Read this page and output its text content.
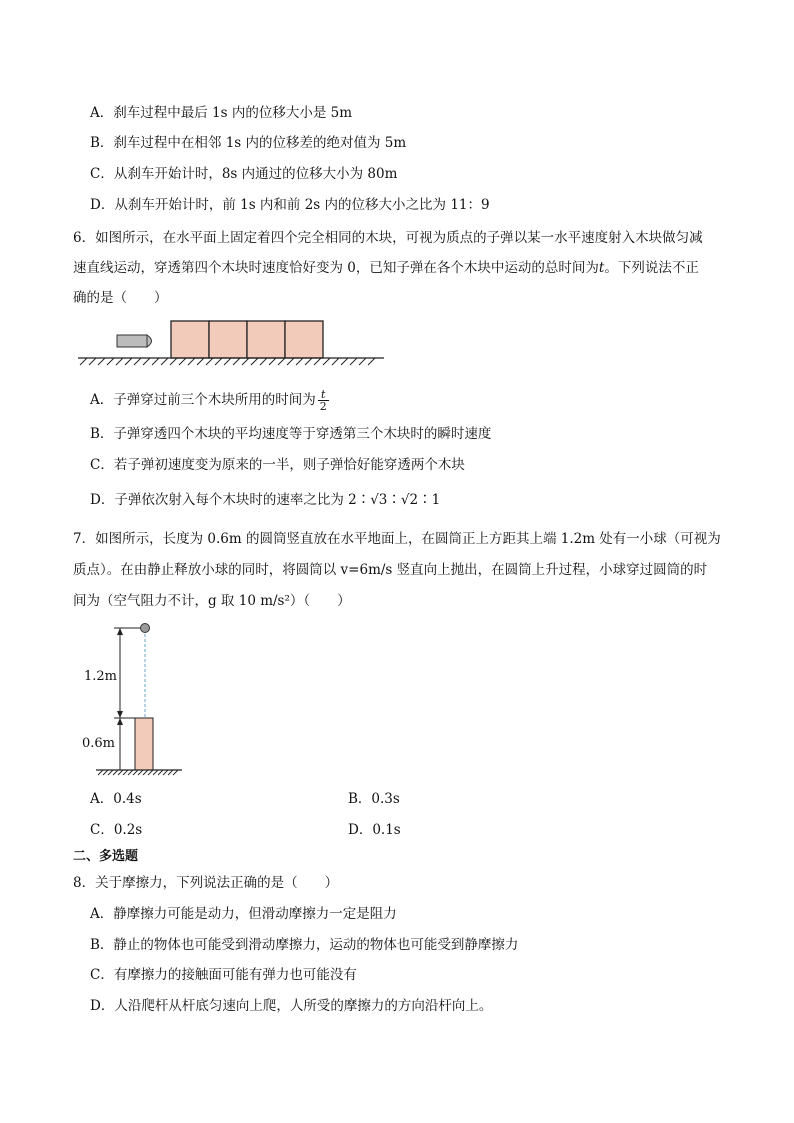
A．刹车过程中最后 1s 内的位移大小是 5m
B．刹车过程中在相邻 1s 内的位移差的绝对值为 5m
C．从刹车开始计时，8s 内通过的位移大小为 80m
D．从刹车开始计时，前 1s 内和前 2s 内的位移大小之比为 11：9
6．如图所示，在水平面上固定着四个完全相同的木块，可视为质点的子弹以某一水平速度射入木块做匀减
速直线运动，穿透第四个木块时速度恰好变为 0，已知子弹在各个木块中运动的总时间为t。下列说法不正
确的是（　　）
A．子弹穿过前三个木块所用的时间为 $\frac{t}{2}$
B．子弹穿透四个木块的平均速度等于穿透第三个木块时的瞬时速度
C．若子弹初速度变为原来的一半，则子弹恰好能穿透两个木块
D．子弹依次射入每个木块时的速率之比为 2∶√3∶√2∶1
7．如图所示，长度为 0.6m 的圆筒竖直放在水平地面上，在圆筒正上方距其上端 1.2m 处有一小球（可视为
质点）。在由静止释放小球的同时，将圆筒以 v=6m/s 竖直向上抛出，在圆筒上升过程，小球穿过圆筒的时
间为（空气阻力不计，g 取 10 m/s²）（　　）
1.2m
0.6m
A．0.4s	B．0.3s
C．0.2s	D．0.1s
二、多选题
8．关于摩擦力，下列说法正确的是（　　）
A．静摩擦力可能是动力，但滑动摩擦力一定是阻力
B．静止的物体也可能受到滑动摩擦力，运动的物体也可能受到静摩擦力
C．有摩擦力的接触面可能有弹力也可能没有
D．人沿爬杆从杆底匀速向上爬，人所受的摩擦力的方向沿杆向上。
